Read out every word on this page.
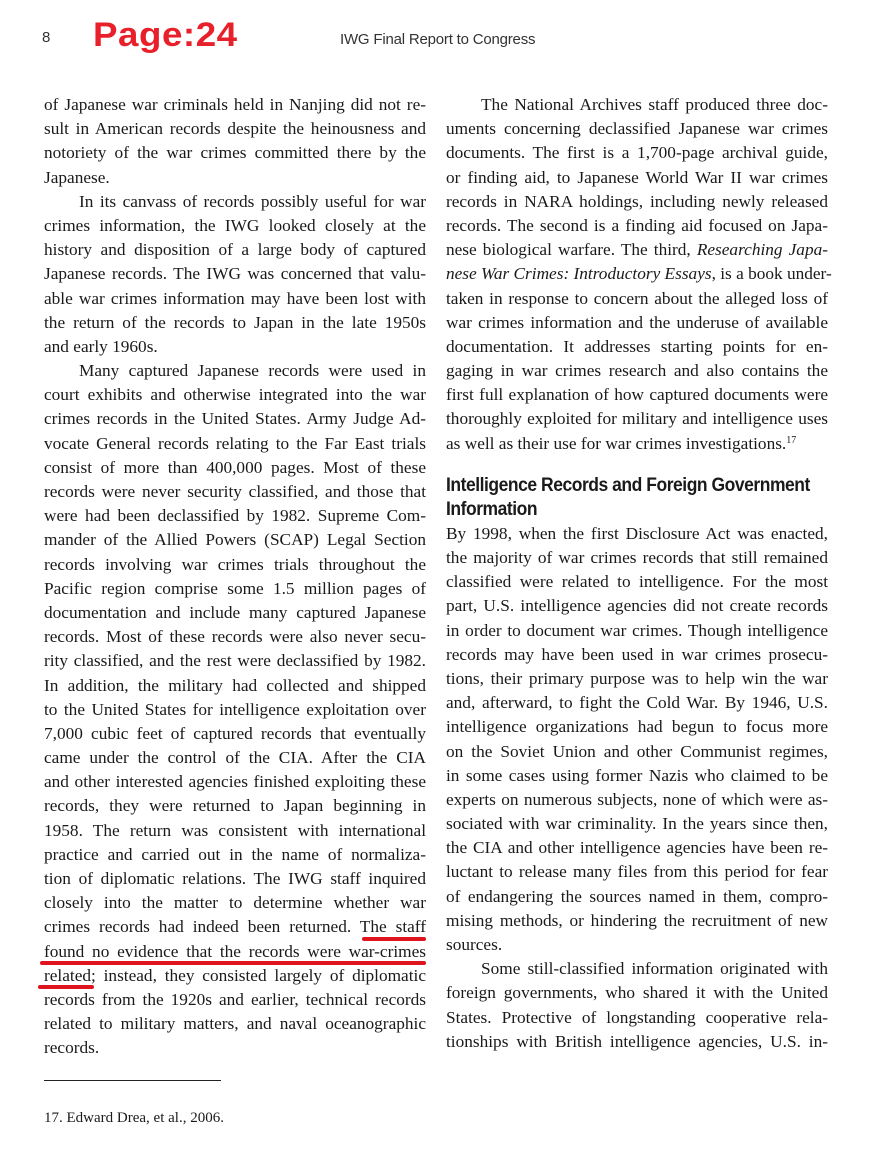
8 Page:24	IWG Final Report to Congress
of Japanese war criminals held in Nanjing did not re-
sult in American records despite the heinousness and
notoriety of the war crimes committed there by the
Japanese.
In its canvass of records possibly useful for war
crimes information, the IWG looked closely at the
history and disposition of a large body of captured
Japanese records. The IWG was concerned that valu-
able war crimes information may have been lost with
the return of the records to Japan in the late 1950s
and early 1960s.
Many captured Japanese records were used in
court exhibits and otherwise integrated into the war
crimes records in the United States. Army Judge Ad-
vocate General records relating to the Far East trials
consist of more than 400,000 pages. Most of these
records were never security classified, and those that
were had been declassified by 1982. Supreme Com-
mander of the Allied Powers (SCAP) Legal Section
records involving war crimes trials throughout the
Pacific region comprise some 1.5 million pages of
documentation and include many captured Japanese
records. Most of these records were also never secu-
rity classified, and the rest were declassified by 1982.
In addition, the military had collected and shipped
to the United States for intelligence exploitation over
7,000 cubic feet of captured records that eventually
came under the control of the CIA. After the CIA
and other interested agencies finished exploiting these
records, they were returned to Japan beginning in
1958. The return was consistent with international
practice and carried out in the name of normaliza-
tion of diplomatic relations. The IWG staff inquired
closely into the matter to determine whether war
crimes records had indeed been returned. The staff
found no evidence that the records were war-crimes
related; instead, they consisted largely of diplomatic
records from the 1920s and earlier, technical records
related to military matters, and naval oceanographic
records.
The National Archives staff produced three doc-
uments concerning declassified Japanese war crimes
documents. The first is a 1,700-page archival guide,
or finding aid, to Japanese World War II war crimes
records in NARA holdings, including newly released
records. The second is a finding aid focused on Japa-
nese biological warfare. The third, Researching Japa-
nese War Crimes: Introductory Essays, is a book under-
taken in response to concern about the alleged loss of
war crimes information and the underuse of available
documentation. It addresses starting points for en-
gaging in war crimes research and also contains the
first full explanation of how captured documents were
thoroughly exploited for military and intelligence uses
as well as their use for war crimes investigations.$^{17}$
Intelligence Records and Foreign Government
Information
By 1998, when the first Disclosure Act was enacted,
the majority of war crimes records that still remained
classified were related to intelligence. For the most
part, U.S. intelligence agencies did not create records
in order to document war crimes. Though intelligence
records may have been used in war crimes prosecu-
tions, their primary purpose was to help win the war
and, afterward, to fight the Cold War. By 1946, U.S.
intelligence organizations had begun to focus more
on the Soviet Union and other Communist regimes,
in some cases using former Nazis who claimed to be
experts on numerous subjects, none of which were as-
sociated with war criminality. In the years since then,
the CIA and other intelligence agencies have been re-
luctant to release many files from this period for fear
of endangering the sources named in them, compro-
mising methods, or hindering the recruitment of new
sources.
Some still-classified information originated with
foreign governments, who shared it with the United
States. Protective of longstanding cooperative rela-
tionships with British intelligence agencies, U.S. in-
17. Edward Drea, et al., 2006.
